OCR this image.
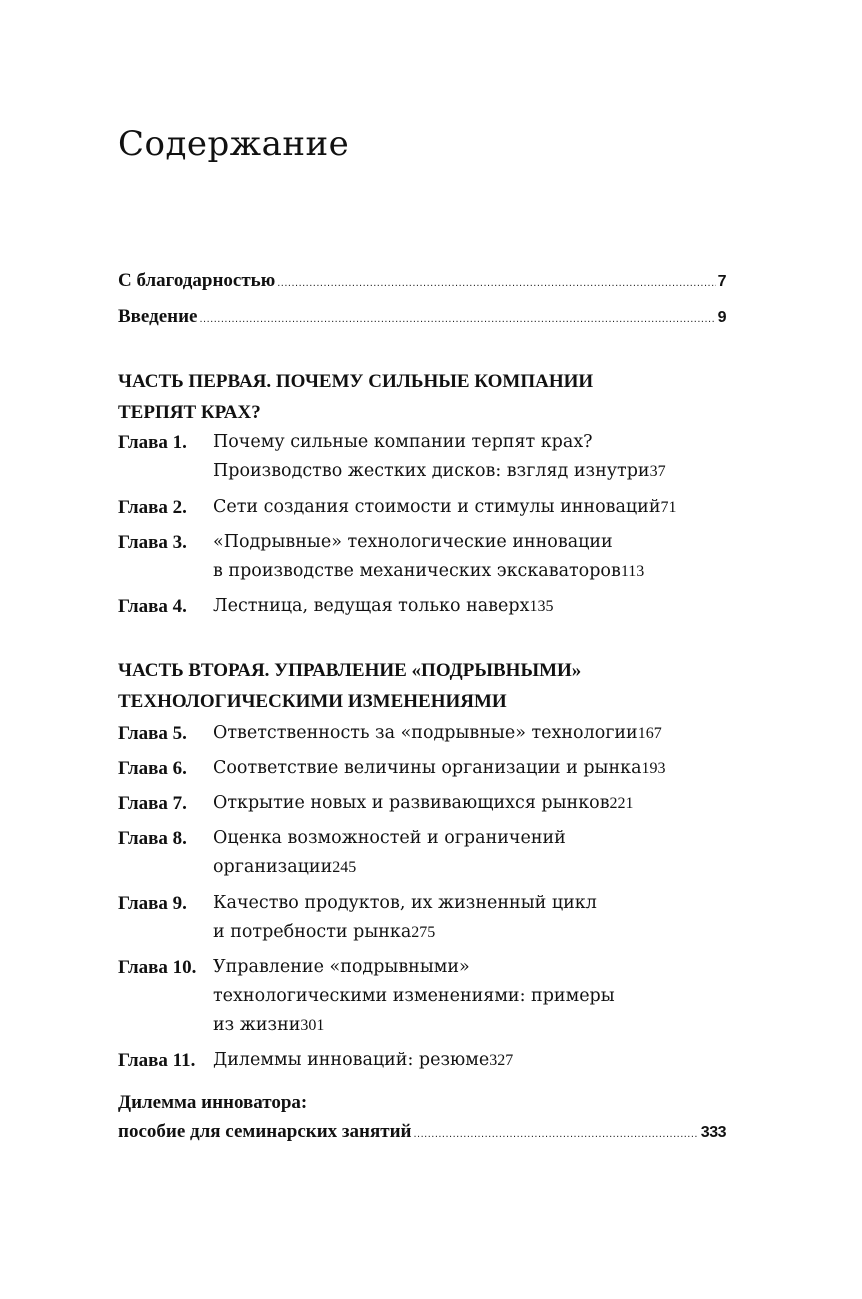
Содержание
С благодарностью .....	7
Введение .....	9
ЧАСТЬ ПЕРВАЯ. ПОЧЕМУ СИЛЬНЫЕ КОМПАНИИ
ТЕРПЯТ КРАХ?
Глава 1. Почему сильные компании терпят крах?
Производство жестких дисков: взгляд изнутри 37
Глава 2. Сети создания стоимости и стимулы инноваций 71
Глава 3. «Подрывные» технологические инновации
в производстве механических экскаваторов 113
Глава 4. Лестница, ведущая только наверх 135
ЧАСТЬ ВТОРАЯ. УПРАВЛЕНИЕ «ПОДРЫВНЫМИ»
ТЕХНОЛОГИЧЕСКИМИ ИЗМЕНЕНИЯМИ
Глава 5. Ответственность за «подрывные» технологии 167
Глава 6. Соответствие величины организации и рынка 193
Глава 7. Открытие новых и развивающихся рынков 221
Глава 8. Оценка возможностей и ограничений
организации 245
Глава 9. Качество продуктов, их жизненный цикл
и потребности рынка 275
Глава 10. Управление «подрывными»
технологическими изменениями: примеры
из жизни 301
Глава 11. Дилеммы инноваций: резюме 327
Дилемма инноватора:
пособие для семинарских занятий .....	333
